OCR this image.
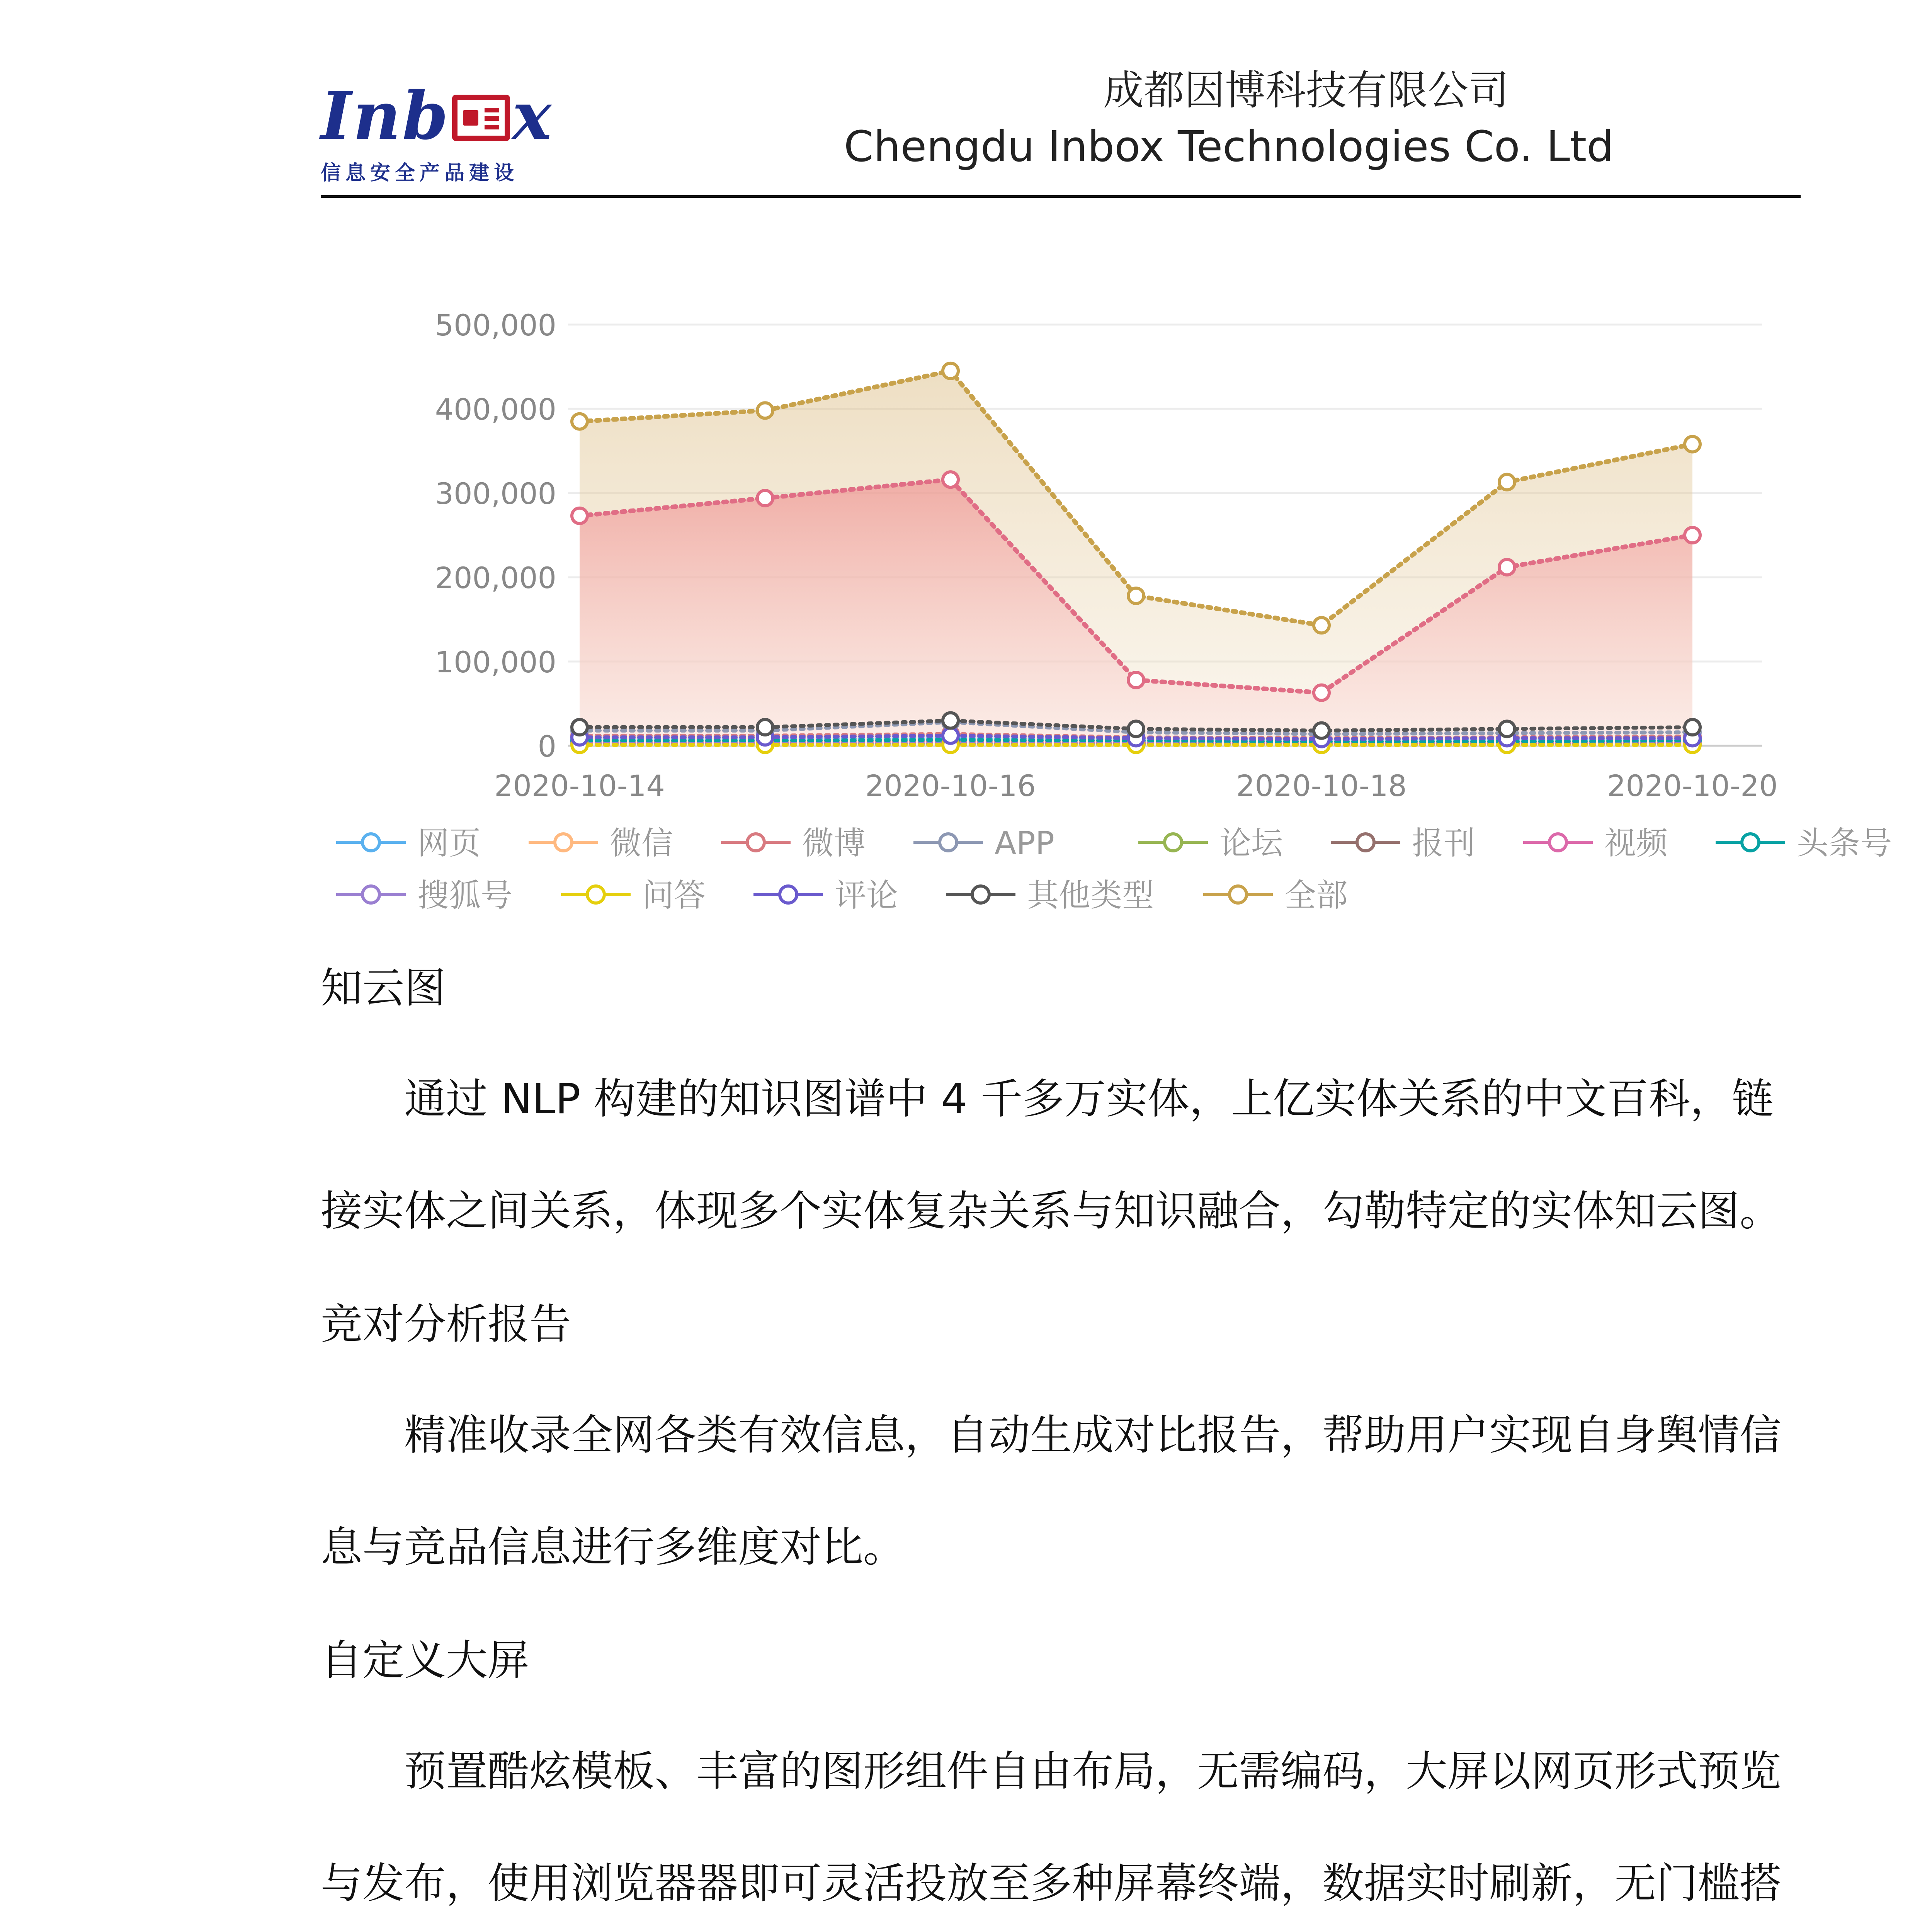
Inb x
信息安全产品建设
成都因博科技有限公司
Chengdu Inbox Technologies Co. Ltd
0
100,000
200,000
300,000
400,000
500,000
2020-10-14	2020-10-16	2020-10-18	2020-10-20
网页	微信	微博	APP	论坛	报刊	视频	头条号
搜狐号	问答	评论	其他类型	全部
知云图

通过 NLP 构建的知识图谱中 4 千多万实体，上亿实体关系的中文百科，链接实体之间关系，体现多个实体复杂关系与知识融合，勾勒特定的实体知云图。

竞对分析报告

精准收录全网各类有效信息，自动生成对比报告，帮助用户实现自身舆情信息与竞品信息进行多维度对比。

自定义大屏

预置酷炫模板、丰富的图形组件自由布局，无需编码，大屏以网页形式预览与发布，使用浏览器器即可灵活投放至多种屏幕终端，数据实时刷新，无门槛搭
